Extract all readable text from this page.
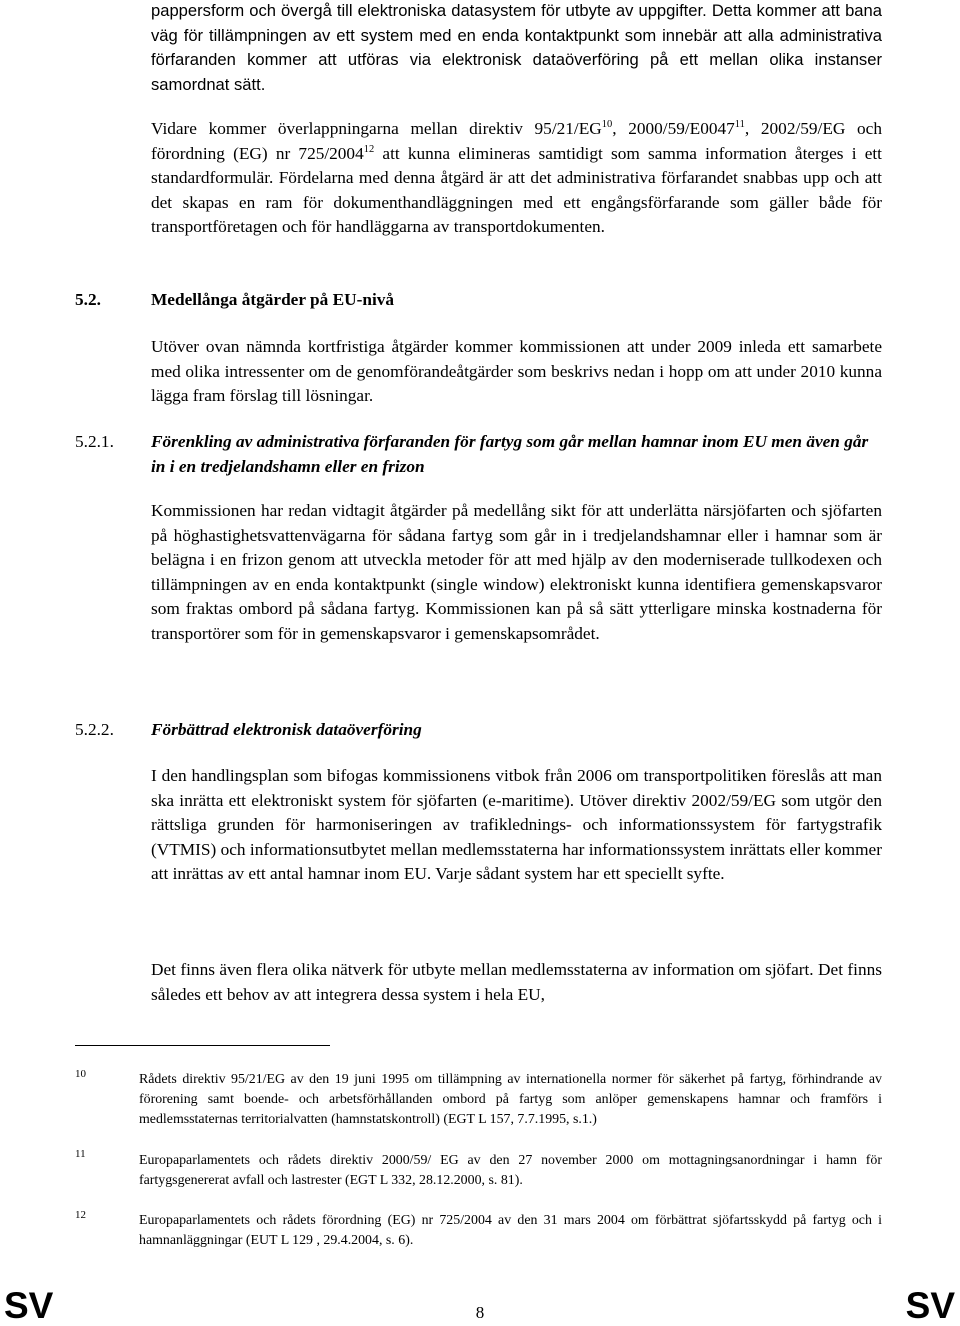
pappersform och övergå till elektroniska datasystem för utbyte av uppgifter. Detta kommer att bana väg för tillämpningen av ett system med en enda kontaktpunkt som innebär att alla administrativa förfaranden kommer att utföras via elektronisk dataöverföring på ett mellan olika instanser samordnat sätt.

Vidare kommer överlappningarna mellan direktiv 95/21/EG$^{10}$, 2000/59/E0047$^{11}$, 2002/59/EG och förordning (EG) nr 725/2004$^{12}$ att kunna elimineras samtidigt som samma information återges i ett standardformulär. Fördelarna med denna åtgärd är att det administrativa förfarandet snabbas upp och att det skapas en ram för dokumenthandläggningen med ett engångsförfarande som gäller både för transportföretagen och för handläggarna av transportdokumenten.

5.2.	Medellånga åtgärder på EU-nivå

Utöver ovan nämnda kortfristiga åtgärder kommer kommissionen att under 2009 inleda ett samarbete med olika intressenter om de genomförandeåtgärder som beskrivs nedan i hopp om att under 2010 kunna lägga fram förslag till lösningar.

5.2.1. Förenkling av administrativa förfaranden för fartyg som går mellan hamnar inom EU men även går in i en tredjelandshamn eller en frizon

Kommissionen har redan vidtagit åtgärder på medellång sikt för att underlätta närsjöfarten och sjöfarten på höghastighetsvattenvägarna för sådana fartyg som går in i tredjelandshamnar eller i hamnar som är belägna i en frizon genom att utveckla metoder för att med hjälp av den moderniserade tullkodexen och tillämpningen av en enda kontaktpunkt (single window) elektroniskt kunna identifiera gemenskapsvaror som fraktas ombord på sådana fartyg. Kommissionen kan på så sätt ytterligare minska kostnaderna för transportörer som för in gemenskapsvaror i gemenskapsområdet.

5.2.2. Förbättrad elektronisk dataöverföring

I den handlingsplan som bifogas kommissionens vitbok från 2006 om transportpolitiken föreslås att man ska inrätta ett elektroniskt system för sjöfarten (e-maritime). Utöver direktiv 2002/59/EG som utgör den rättsliga grunden för harmoniseringen av trafiklednings- och informationssystem för fartygstrafik (VTMIS) och informationsutbytet mellan medlemsstaterna har informationssystem inrättats eller kommer att inrättas av ett antal hamnar inom EU. Varje sådant system har ett speciellt syfte.

Det finns även flera olika nätverk för utbyte mellan medlemsstaterna av information om sjöfart. Det finns således ett behov av att integrera dessa system i hela EU,

10	Rådets direktiv 95/21/EG av den 19 juni 1995 om tillämpning av internationella normer för säkerhet på fartyg, förhindrande av förorening samt boende- och arbetsförhållanden ombord på fartyg som anlöper gemenskapens hamnar och framförs i medlemsstaternas territorialvatten (hamnstatskontroll) (EGT L 157, 7.7.1995, s.1.)

11	Europaparlamentets och rådets direktiv 2000/59/ EG av den 27 november 2000 om mottagningsanordningar i hamn för fartygsgenererat avfall och lastrester (EGT L 332, 28.12.2000, s. 81).

12	Europaparlamentets och rådets förordning (EG) nr 725/2004 av den 31 mars 2004 om förbättrat sjöfartsskydd på fartyg och i hamnanläggningar (EUT L 129 , 29.4.2004, s. 6).

SV	8	SV
